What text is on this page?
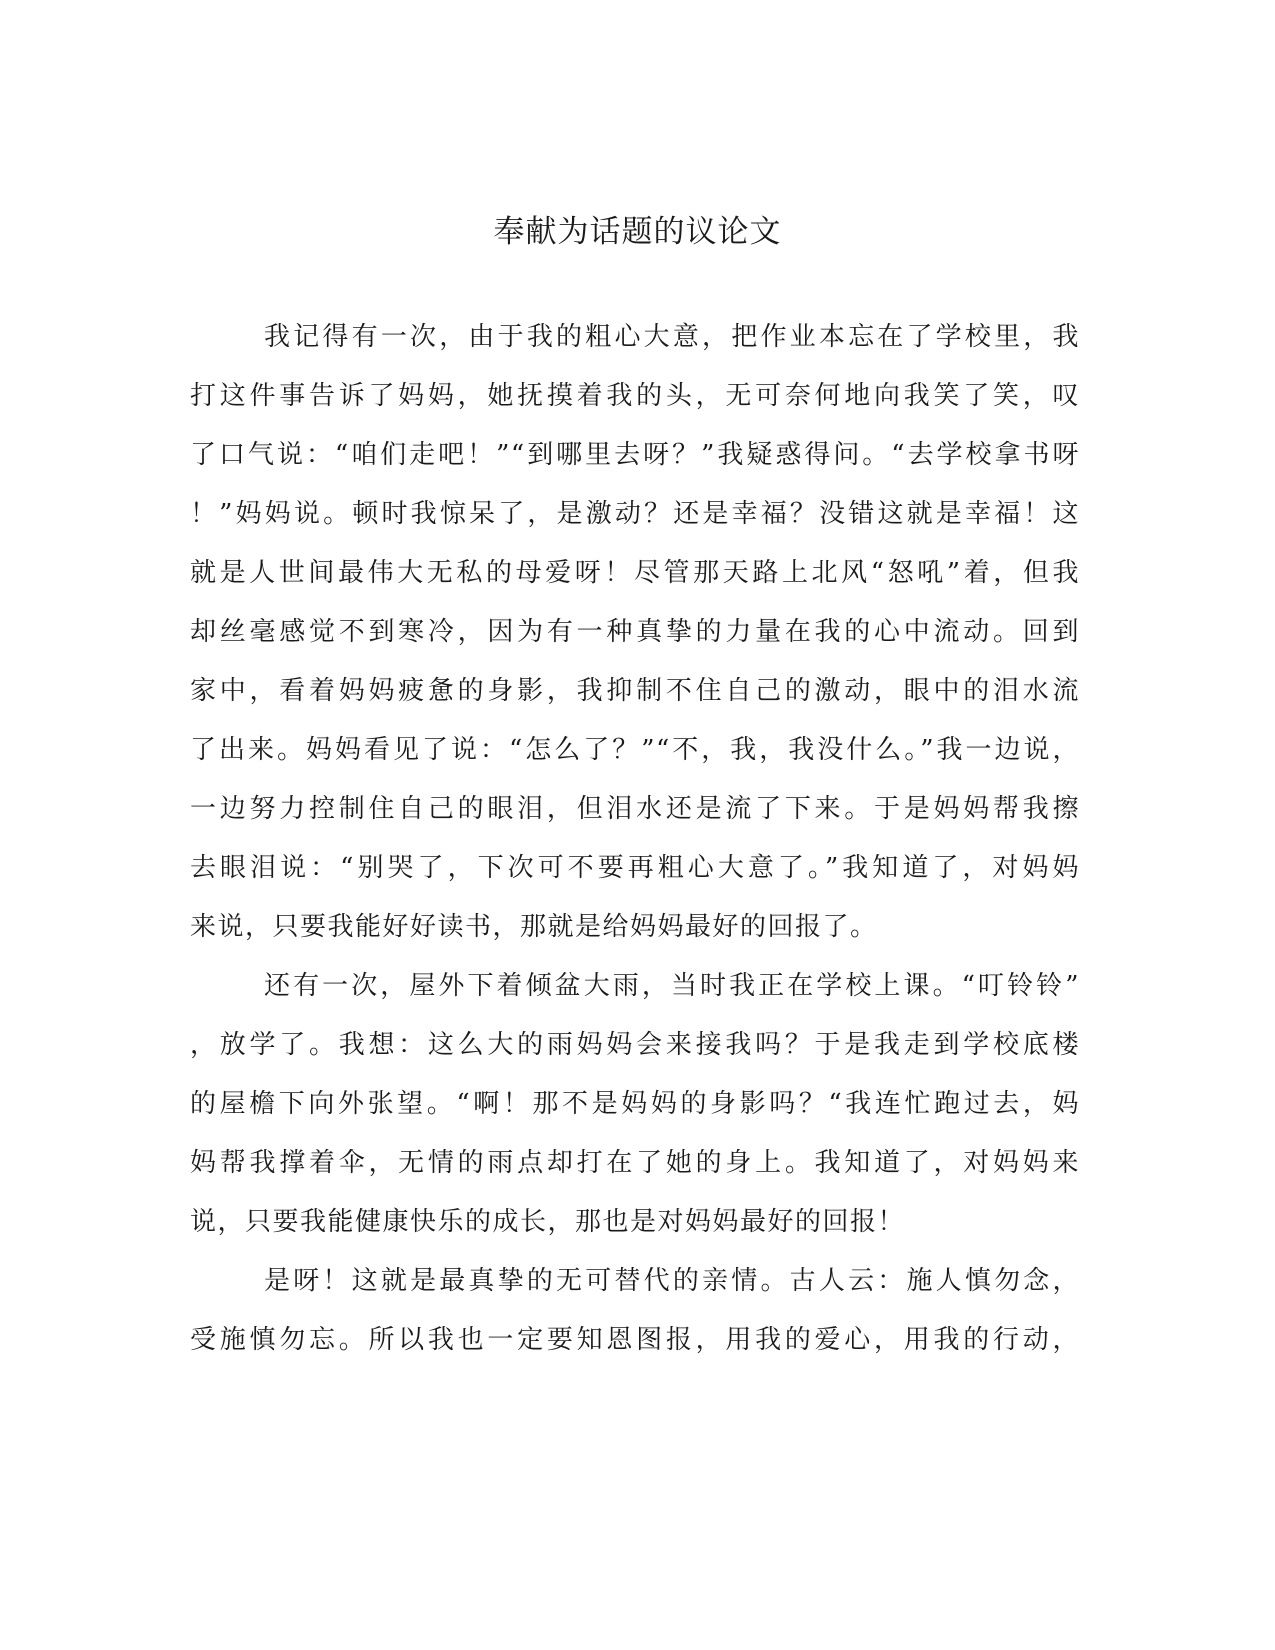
奉献为话题的议论文
我记得有一次，由于我的粗心大意，把作业本忘在了学校里，我
打这件事告诉了妈妈，她抚摸着我的头，无可奈何地向我笑了笑，叹
了口气说：“咱们走吧！”“到哪里去呀？”我疑惑得问。“去学校拿书呀
！”妈妈说。顿时我惊呆了，是激动？还是幸福？没错这就是幸福！这
就是人世间最伟大无私的母爱呀！尽管那天路上北风“怒吼”着，但我
却丝毫感觉不到寒冷，因为有一种真挚的力量在我的心中流动。回到
家中，看着妈妈疲惫的身影，我抑制不住自己的激动，眼中的泪水流
了出来。妈妈看见了说：“怎么了？”“不，我，我没什么。”我一边说，
一边努力控制住自己的眼泪，但泪水还是流了下来。于是妈妈帮我擦
去眼泪说：“别哭了，下次可不要再粗心大意了。”我知道了，对妈妈
来说，只要我能好好读书，那就是给妈妈最好的回报了。
还有一次，屋外下着倾盆大雨，当时我正在学校上课。“叮铃铃”
，放学了。我想：这么大的雨妈妈会来接我吗？于是我走到学校底楼
的屋檐下向外张望。“啊！那不是妈妈的身影吗？“我连忙跑过去，妈
妈帮我撑着伞，无情的雨点却打在了她的身上。我知道了，对妈妈来
说，只要我能健康快乐的成长，那也是对妈妈最好的回报！
是呀！这就是最真挚的无可替代的亲情。古人云：施人慎勿念，
受施慎勿忘。所以我也一定要知恩图报，用我的爱心，用我的行动，
